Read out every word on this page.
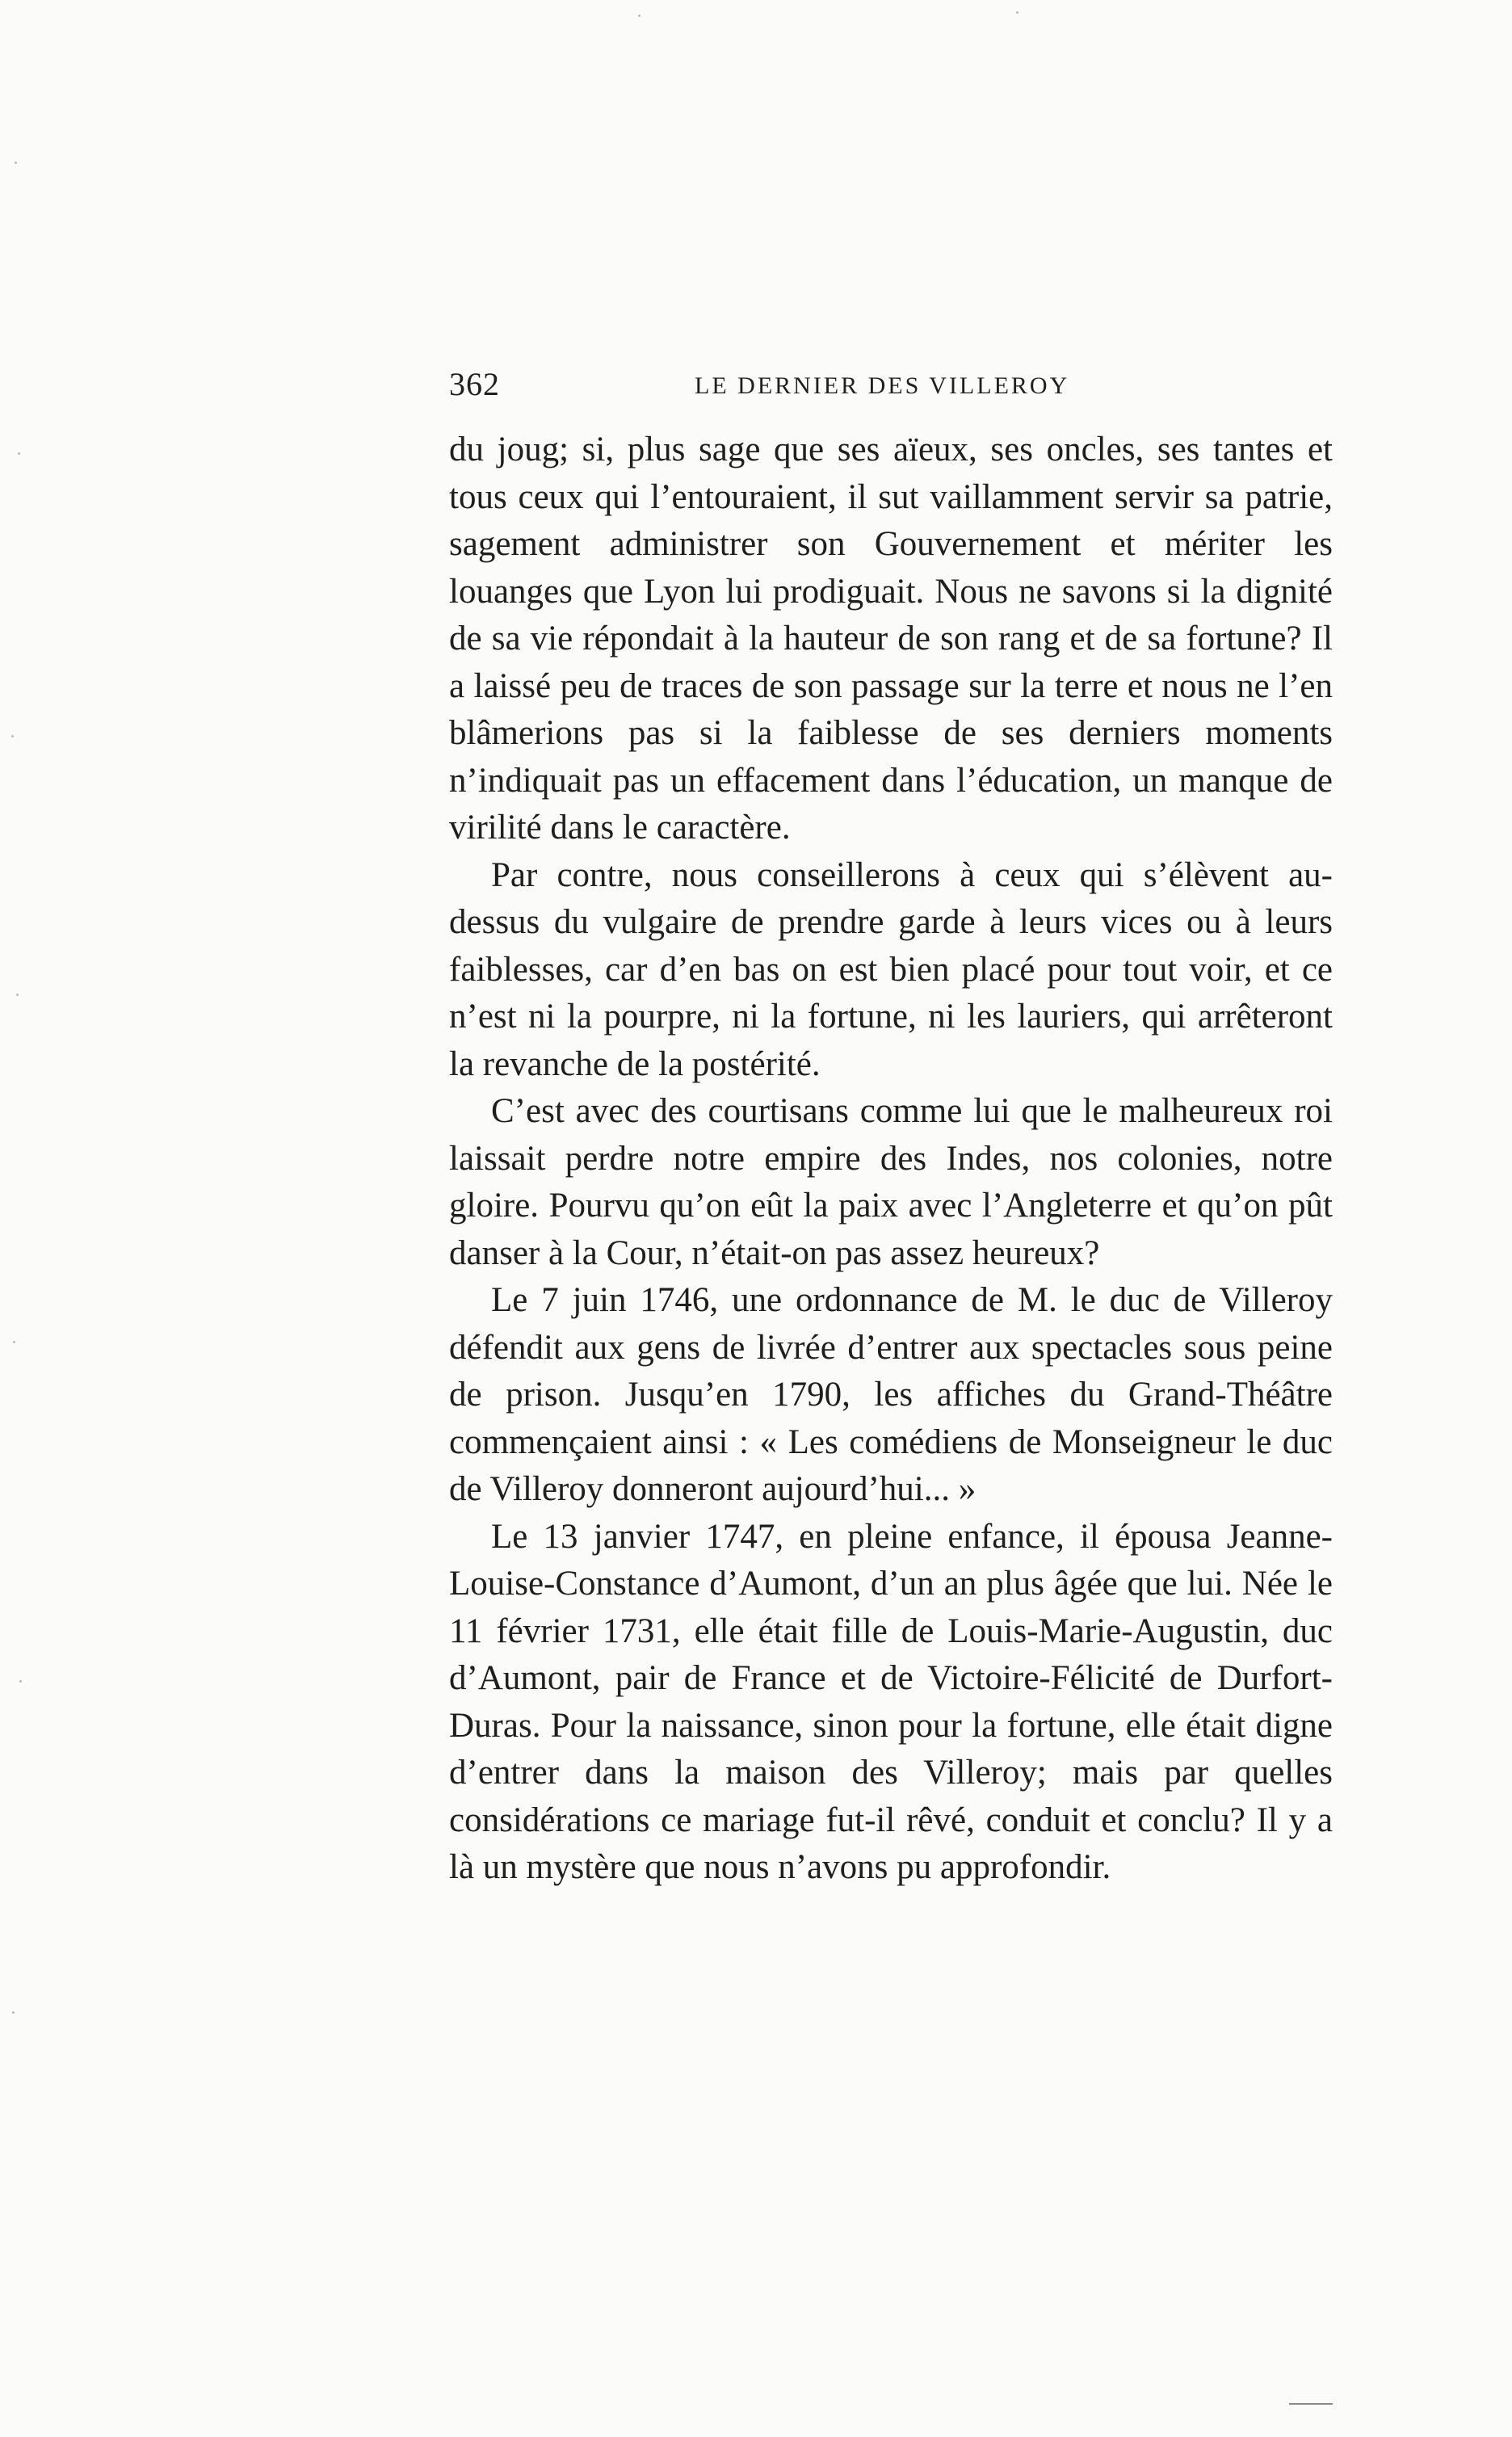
362	LE DERNIER DES VILLEROY

du joug; si, plus sage que ses aïeux, ses oncles, ses tantes et tous ceux qui l’entouraient, il sut vaillamment servir sa patrie, sagement administrer son Gouvernement et mériter les louanges que Lyon lui prodiguait. Nous ne savons si la dignité de sa vie répondait à la hauteur de son rang et de sa fortune? Il a laissé peu de traces de son passage sur la terre et nous ne l’en blâmerions pas si la faiblesse de ses derniers moments n’indiquait pas un effacement dans l’éducation, un manque de virilité dans le caractère.

Par contre, nous conseillerons à ceux qui s’élèvent au-dessus du vulgaire de prendre garde à leurs vices ou à leurs faiblesses, car d’en bas on est bien placé pour tout voir, et ce n’est ni la pourpre, ni la fortune, ni les lauriers, qui arrêteront la revanche de la postérité.

C’est avec des courtisans comme lui que le malheureux roi laissait perdre notre empire des Indes, nos colonies, notre gloire. Pourvu qu’on eût la paix avec l’Angleterre et qu’on pût danser à la Cour, n’était-on pas assez heureux?

Le 7 juin 1746, une ordonnance de M. le duc de Villeroy défendit aux gens de livrée d’entrer aux spectacles sous peine de prison. Jusqu’en 1790, les affiches du Grand-Théâtre commençaient ainsi : « Les comédiens de Monseigneur le duc de Villeroy donneront aujourd’hui... »

Le 13 janvier 1747, en pleine enfance, il épousa Jeanne-Louise-Constance d’Aumont, d’un an plus âgée que lui. Née le 11 février 1731, elle était fille de Louis-Marie-Augustin, duc d’Aumont, pair de France et de Victoire-Félicité de Durfort-Duras. Pour la naissance, sinon pour la fortune, elle était digne d’entrer dans la maison des Villeroy; mais par quelles considérations ce mariage fut-il rêvé, conduit et conclu? Il y a là un mystère que nous n’avons pu approfondir.
